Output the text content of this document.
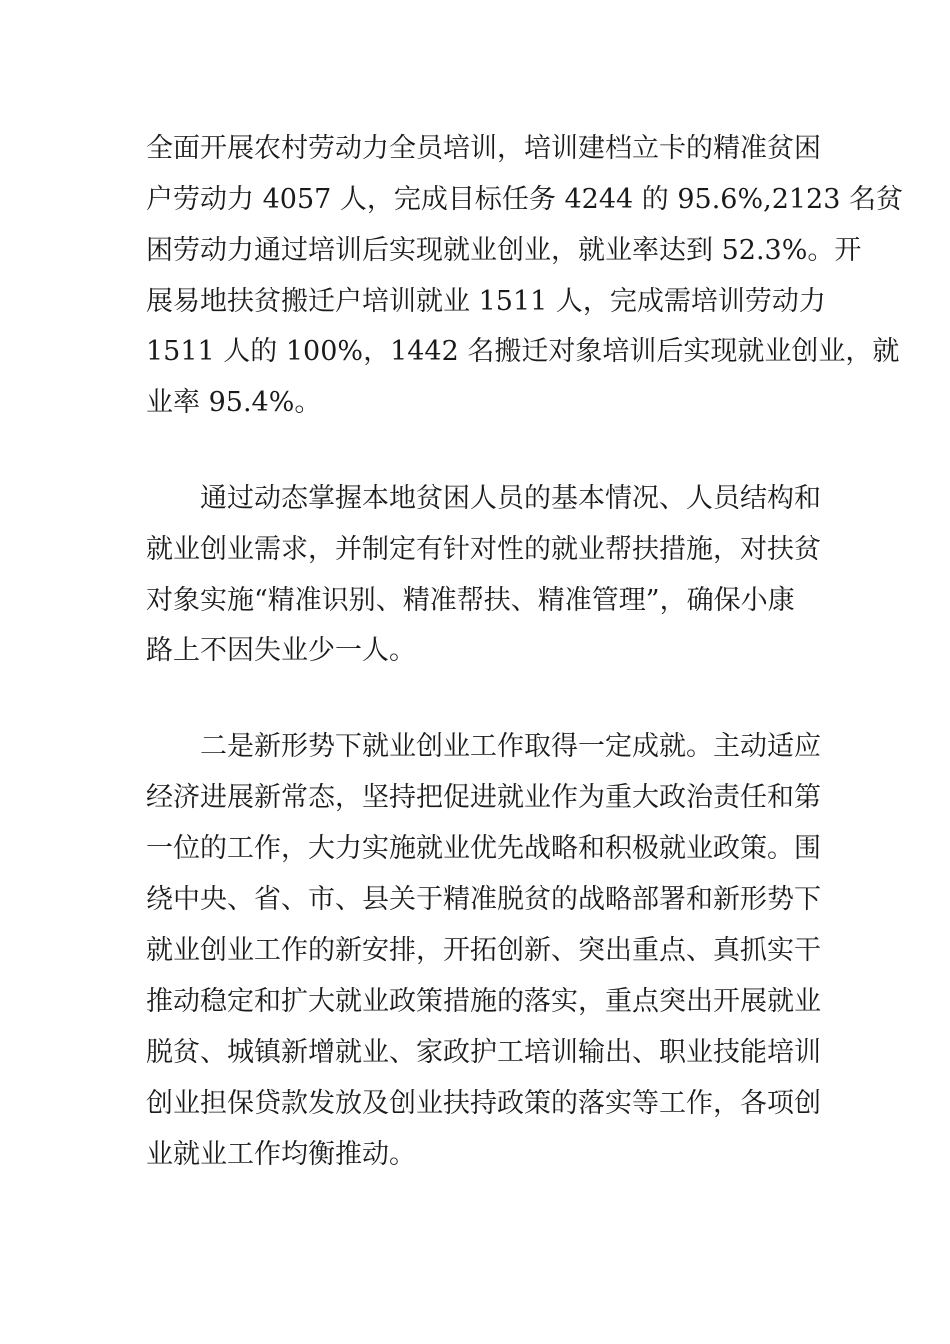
全面开展农村劳动力全员培训，培训建档立卡的精准贫困
户劳动力 4057 人，完成目标任务 4244 的 95.6%,2123 名贫
困劳动力通过培训后实现就业创业，就业率达到 52.3%。开
展易地扶贫搬迁户培训就业 1511 人，完成需培训劳动力
1511 人的 100%，1442 名搬迁对象培训后实现就业创业，就
业率 95.4%。
通过动态掌握本地贫困人员的基本情况、人员结构和
就业创业需求，并制定有针对性的就业帮扶措施，对扶贫
对象实施“精准识别、精准帮扶、精准管理”，确保小康
路上不因失业少一人。
二是新形势下就业创业工作取得一定成就。主动适应
经济进展新常态，坚持把促进就业作为重大政治责任和第
一位的工作，大力实施就业优先战略和积极就业政策。围
绕中央、省、市、县关于精准脱贫的战略部署和新形势下
就业创业工作的新安排，开拓创新、突出重点、真抓实干
推动稳定和扩大就业政策措施的落实，重点突出开展就业
脱贫、城镇新增就业、家政护工培训输出、职业技能培训
创业担保贷款发放及创业扶持政策的落实等工作，各项创
业就业工作均衡推动。
